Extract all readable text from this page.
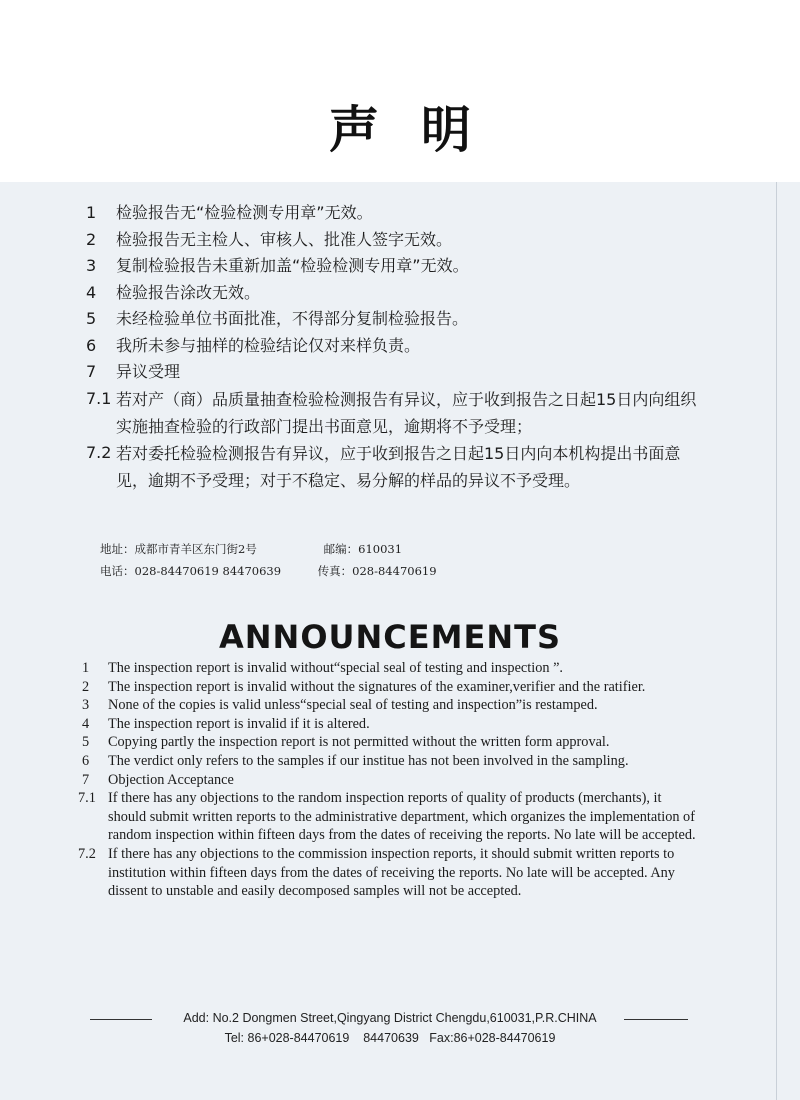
声明
1	检验报告无“检验检测专用章”无效。
2	检验报告无主检人、审核人、批准人签字无效。
3	复制检验报告未重新加盖“检验检测专用章”无效。
4	检验报告涂改无效。
5	未经检验单位书面批准，不得部分复制检验报告。
6	我所未参与抽样的检验结论仅对来样负责。
7	异议受理
7.1 若对产（商）品质量抽查检验检测报告有异议，应于收到报告之日起15日内向组织实施抽查检验的行政部门提出书面意见，逾期将不予受理；
7.2 若对委托检验检测报告有异议，应于收到报告之日起15日内向本机构提出书面意见，逾期不予受理；对于不稳定、易分解的样品的异议不予受理。
地址：成都市青羊区东门街2号	邮编：610031
电话：028-84470619 84470639	传真：028-84470619
ANNOUNCEMENTS
1	The inspection report is invalid without“special seal of testing and inspection ”.
2	The inspection report is invalid without the signatures of the examiner,verifier and the ratifier.
3	None of the copies is valid unless“special seal of testing and inspection”is restamped.
4	The inspection report is invalid if it is altered.
5	Copying partly the inspection report is not permitted without the written form approval.
6	The verdict only refers to the samples if our institue has not been involved in the sampling.
7	Objection Acceptance
7.1 If there has any objections to the random inspection reports of quality of products (merchants), it should submit written reports to the administrative department, which organizes the implementation of random inspection within fifteen days from the dates of receiving the reports. No late will be accepted.
7.2 If there has any objections to the commission inspection reports, it should submit written reports to institution within fifteen days from the dates of receiving the reports. No late will be accepted. Any dissent to unstable and easily decomposed samples will not be accepted.
Add: No.2 Dongmen Street,Qingyang District Chengdu,610031,P.R.CHINA
Tel: 86+028-84470619    84470639   Fax:86+028-84470619
